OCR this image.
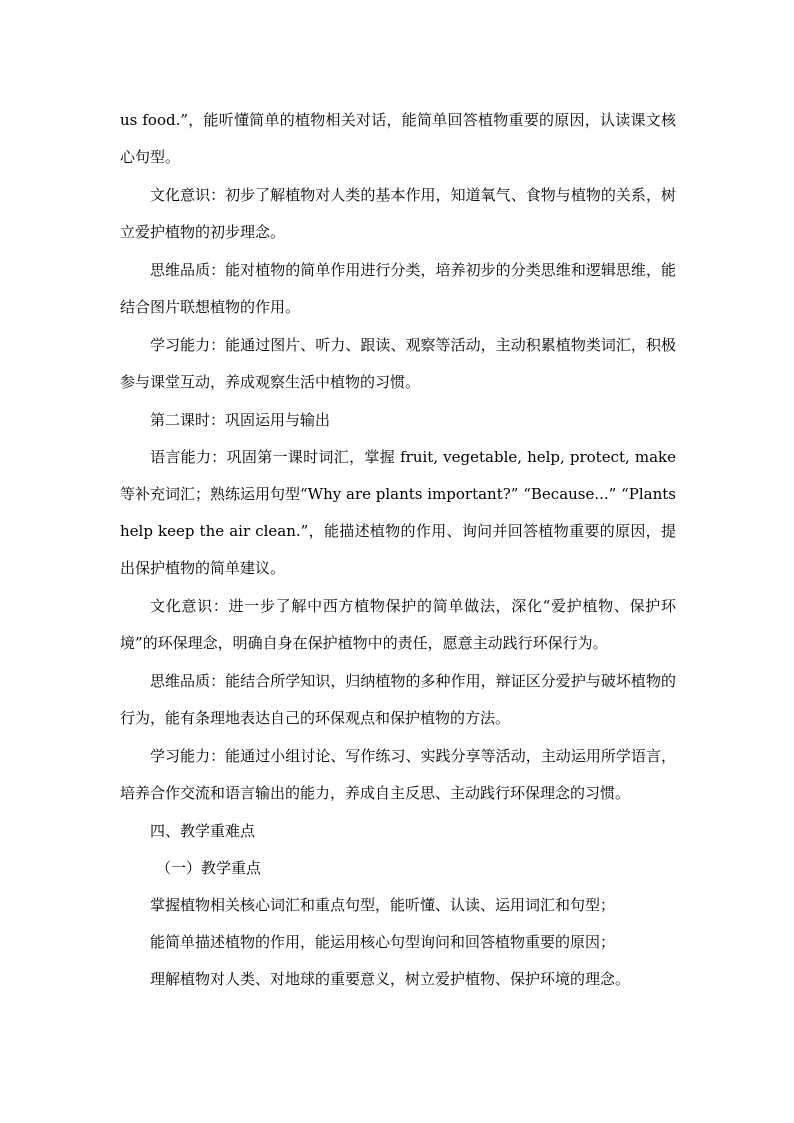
us food.”，能听懂简单的植物相关对话，能简单回答植物重要的原因，认读课文核心句型。
文化意识：初步了解植物对人类的基本作用，知道氧气、食物与植物的关系，树立爱护植物的初步理念。
思维品质：能对植物的简单作用进行分类，培养初步的分类思维和逻辑思维，能结合图片联想植物的作用。
学习能力：能通过图片、听力、跟读、观察等活动，主动积累植物类词汇，积极参与课堂互动，养成观察生活中植物的习惯。
第二课时：巩固运用与输出
语言能力：巩固第一课时词汇，掌握 fruit, vegetable, help, protect, make 等补充词汇；熟练运用句型“Why are plants important?” “Because...” “Plants help keep the air clean.”，能描述植物的作用、询问并回答植物重要的原因，提出保护植物的简单建议。
文化意识：进一步了解中西方植物保护的简单做法，深化“爱护植物、保护环境”的环保理念，明确自身在保护植物中的责任，愿意主动践行环保行为。
思维品质：能结合所学知识，归纳植物的多种作用，辩证区分爱护与破坏植物的行为，能有条理地表达自己的环保观点和保护植物的方法。
学习能力：能通过小组讨论、写作练习、实践分享等活动，主动运用所学语言，培养合作交流和语言输出的能力，养成自主反思、主动践行环保理念的习惯。
四、教学重难点
（一）教学重点
掌握植物相关核心词汇和重点句型，能听懂、认读、运用词汇和句型；
能简单描述植物的作用，能运用核心句型询问和回答植物重要的原因；
理解植物对人类、对地球的重要意义，树立爱护植物、保护环境的理念。
